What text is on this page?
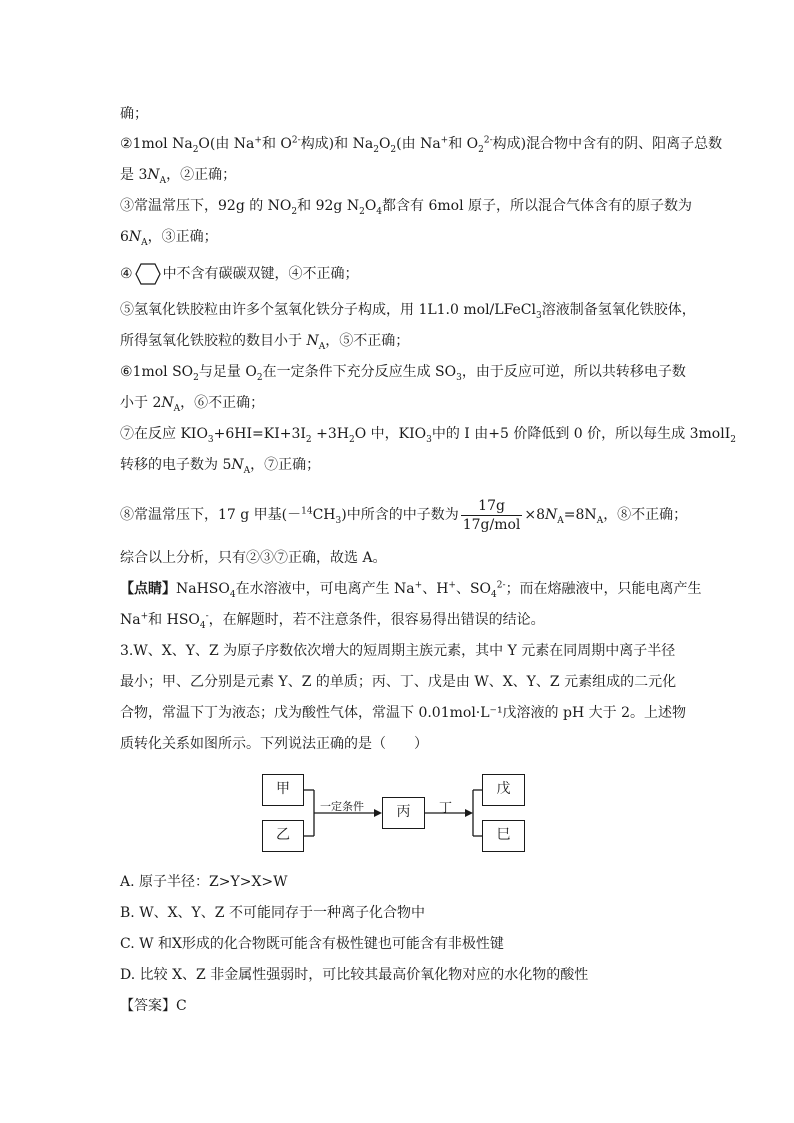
确；
②1mol $Na_2O$(由 Na+和 $O^{2-}$构成)和 $Na_2O_2$(由 Na+和 $O_2^{2-}$构成)混合物中含有的阴、阳离子总数
是 $3N_A$，②正确；
③常温常压下，92g 的 $NO_2$和 92g $N_2O_4$都含有 6mol 原子，所以混合气体含有的原子数为
$6N_A$，③正确；
④ 中不含有碳碳双键，④不正确；
⑤氢氧化铁胶粒由许多个氢氧化铁分子构成，用 1L1.0 mol/LFeCl$_3$溶液制备氢氧化铁胶体，
所得氢氧化铁胶粒的数目小于 $N_A$，⑤不正确；
⑥1mol $SO_2$与足量 $O_2$在一定条件下充分反应生成 $SO_3$，由于反应可逆，所以共转移电子数
小于 $2N_A$，⑥不正确；
⑦在反应 $KIO_3+6HI=KI+3I_2 +3H_2O$ 中，$KIO_3$中的 I 由+5 价降低到 0 价，所以每生成 3molI$_2$
转移的电子数为 $5N_A$，⑦正确；
⑧常温常压下，17 g 甲基$(-^{14}CH_3)$中所含的中子数为 $\frac{17g}{\text{17g/mol}} \times 8N_A=8N_A$，⑧不正确；
综合以上分析，只有②③⑦正确，故选 A。
【点睛】NaHSO$_4$在水溶液中，可电离产生 Na+、H+、$SO_4^{2-}$；而在熔融液中，只能电离产生
Na+和 $HSO_4^-$，在解题时，若不注意条件，很容易得出错误的结论。
3.W、X、Y、Z 为原子序数依次增大的短周期主族元素，其中 Y 元素在同周期中离子半径
最小；甲、乙分别是元素 Y、Z 的单质；丙、丁、戊是由 W、X、Y、Z 元素组成的二元化
合物，常温下丁为液态；戊为酸性气体，常温下 0.01mol·L⁻¹戊溶液的 pH 大于 2。上述物
质转化关系如图所示。下列说法正确的是（　　）
甲
乙
一定条件	丙	丁
戊
巳
A. 原子半径：Z>Y>X>W
B. W、X、Y、Z 不可能同存于一种离子化合物中
C. W 和X形成的化合物既可能含有极性键也可能含有非极性键
D. 比较 X、Z 非金属性强弱时，可比较其最高价氧化物对应的水化物的酸性
【答案】C
